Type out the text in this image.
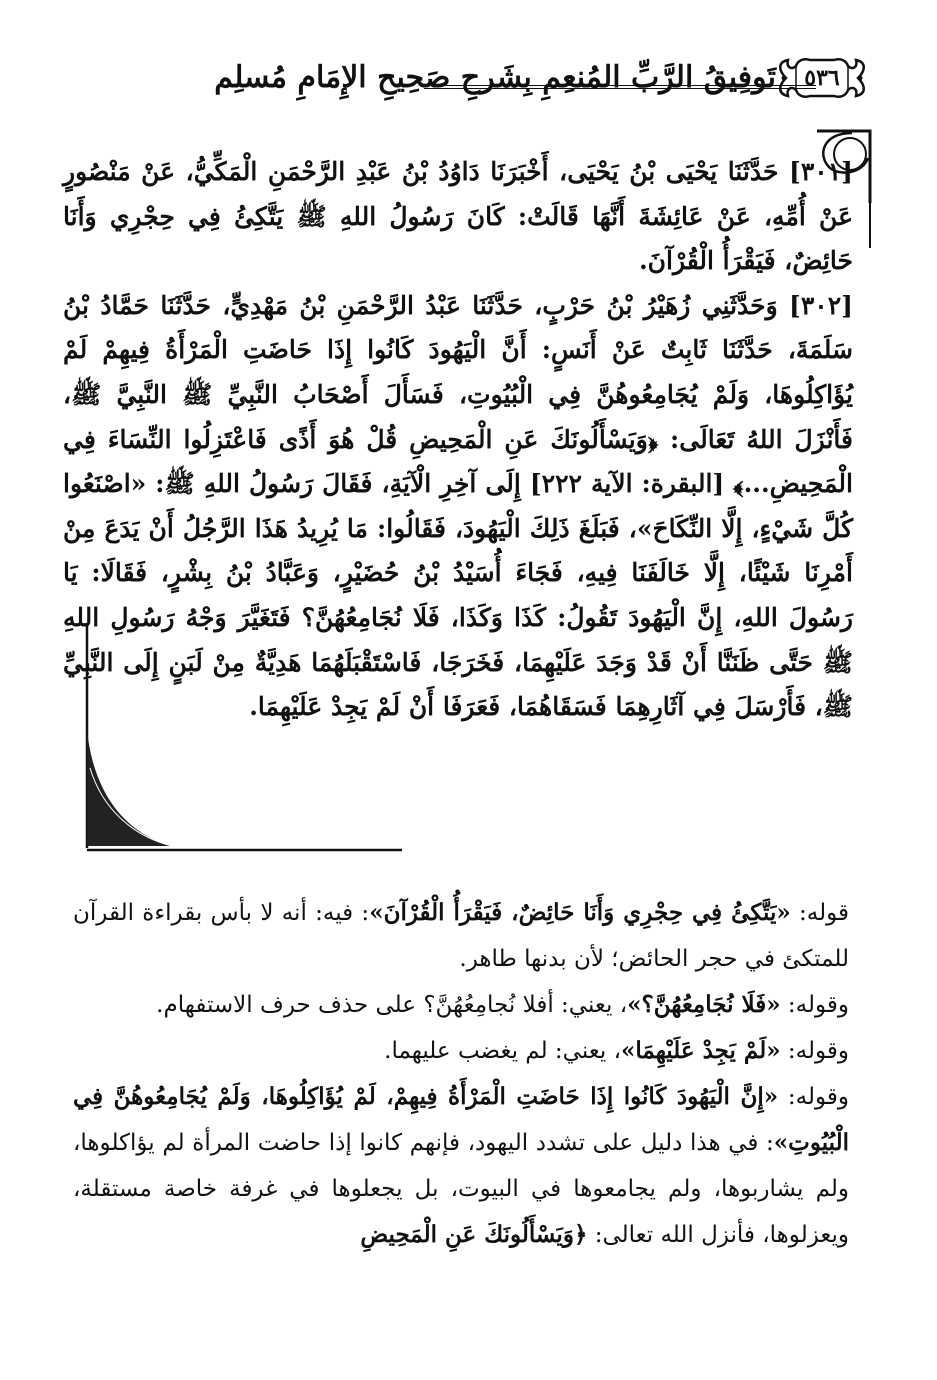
تَوفِيقُ الرَّبِّ المُنعِمِ بِشَرحِ صَحِيحِ الإِمَامِ مُسلِم	٥٣٦

[٣٠١] حَدَّثَنَا يَحْيَى بْنُ يَحْيَى، أَخْبَرَنَا دَاوُدُ بْنُ عَبْدِ الرَّحْمَنِ الْمَكِّيُّ، عَنْ مَنْصُورٍ عَنْ أُمِّهِ، عَنْ عَائِشَةَ أَنَّهَا قَالَتْ: كَانَ رَسُولُ اللهِ ﷺ يَتَّكِئُ فِي حِجْرِي وَأَنَا حَائِضٌ، فَيَقْرَأُ الْقُرْآنَ.

[٣٠٢] وَحَدَّثَنِي زُهَيْرُ بْنُ حَرْبٍ، حَدَّثَنَا عَبْدُ الرَّحْمَنِ بْنُ مَهْدِيٍّ، حَدَّثَنَا حَمَّادُ بْنُ سَلَمَةَ، حَدَّثَنَا ثَابِتٌ عَنْ أَنَسٍ: أَنَّ الْيَهُودَ كَانُوا إِذَا حَاضَتِ الْمَرْأَةُ فِيهِمْ لَمْ يُؤَاكِلُوهَا، وَلَمْ يُجَامِعُوهُنَّ فِي الْبُيُوتِ، فَسَأَلَ أَصْحَابُ النَّبِيِّ ﷺ النَّبِيَّ ﷺ، فَأَنْزَلَ اللهُ تَعَالَى: ﴿وَيَسْأَلُونَكَ عَنِ الْمَحِيضِ قُلْ هُوَ أَذًى فَاعْتَزِلُوا النِّسَاءَ فِي الْمَحِيضِ...﴾ [البقرة: الآية ٢٢٢] إِلَى آخِرِ الْآيَةِ، فَقَالَ رَسُولُ اللهِ ﷺ: «اصْنَعُوا كُلَّ شَيْءٍ، إِلَّا النِّكَاحَ»، فَبَلَغَ ذَلِكَ الْيَهُودَ، فَقَالُوا: مَا يُرِيدُ هَذَا الرَّجُلُ أَنْ يَدَعَ مِنْ أَمْرِنَا شَيْئًا، إِلَّا خَالَفَنَا فِيهِ، فَجَاءَ أُسَيْدُ بْنُ حُضَيْرٍ، وَعَبَّادُ بْنُ بِشْرٍ، فَقَالَا: يَا رَسُولَ اللهِ، إِنَّ الْيَهُودَ تَقُولُ: كَذَا وَكَذَا، فَلَا نُجَامِعُهُنَّ؟ فَتَغَيَّرَ وَجْهُ رَسُولِ اللهِ ﷺ حَتَّى ظَنَنَّا أَنْ قَدْ وَجَدَ عَلَيْهِمَا، فَخَرَجَا، فَاسْتَقْبَلَهُمَا هَدِيَّةٌ مِنْ لَبَنٍ إِلَى النَّبِيِّ ﷺ، فَأَرْسَلَ فِي آثَارِهِمَا فَسَقَاهُمَا، فَعَرَفَا أَنْ لَمْ يَجِدْ عَلَيْهِمَا.

قوله: «يَتَّكِئُ فِي حِجْرِي وَأَنَا حَائِضٌ، فَيَقْرَأُ الْقُرْآنَ»: فيه: أنه لا بأس بقراءة القرآن للمتكئ في حجر الحائض؛ لأن بدنها طاهر.

وقوله: «فَلَا نُجَامِعُهُنَّ؟»، يعني: أفلا نُجامِعُهُنَّ؟ على حذف حرف الاستفهام.

وقوله: «لَمْ يَجِدْ عَلَيْهِمَا»، يعني: لم يغضب عليهما.

وقوله: «إِنَّ الْيَهُودَ كَانُوا إِذَا حَاضَتِ الْمَرْأَةُ فِيهِمْ، لَمْ يُؤَاكِلُوهَا، وَلَمْ يُجَامِعُوهُنَّ فِي الْبُيُوتِ»: في هذا دليل على تشدد اليهود، فإنهم كانوا إذا حاضت المرأة لم يؤاكلوها، ولم يشاربوها، ولم يجامعوها في البيوت، بل يجعلوها في غرفة خاصة مستقلة، ويعزلوها، فأنزل الله تعالى: ﴿وَيَسْأَلُونَكَ عَنِ الْمَحِيضِ
